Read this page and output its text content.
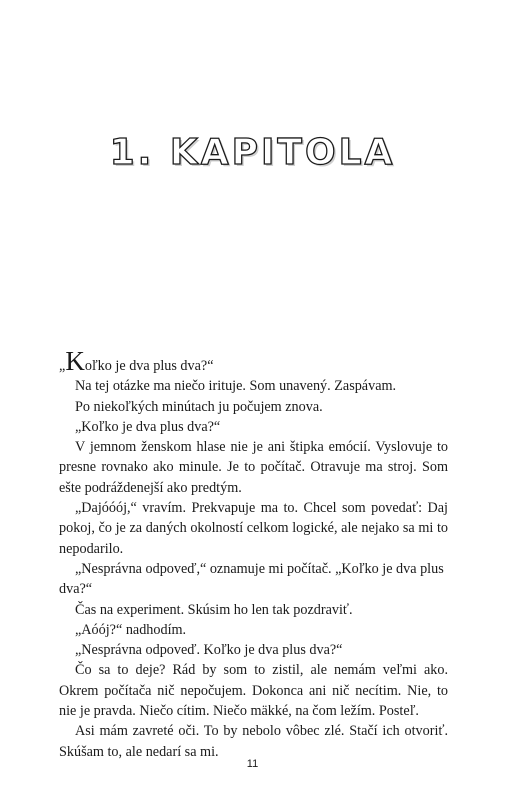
1. KAPITOLA

„Koľko je dva plus dva?“

Na tej otázke ma niečo irituje. Som unavený. Zaspávam.

Po niekoľkých minútach ju počujem znova.

„Koľko je dva plus dva?“

V jemnom ženskom hlase nie je ani štipka emócií. Vyslovuje to presne rovnako ako minule. Je to počítač. Otravuje ma stroj. Som ešte podráždenejší ako predtým.

„Dajóóój,“ vravím. Prekvapuje ma to. Chcel som povedať: Daj pokoj, čo je za daných okolností celkom logické, ale nejako sa mi to nepodarilo.

„Nesprávna odpoveď,“ oznamuje mi počítač. „Koľko je dva plus dva?“

Čas na experiment. Skúsim ho len tak pozdraviť.

„Aóój?“ nadhodím.

„Nesprávna odpoveď. Koľko je dva plus dva?“

Čo sa to deje? Rád by som to zistil, ale nemám veľmi ako. Okrem počítača nič nepočujem. Dokonca ani nič necítim. Nie, to nie je pravda. Niečo cítim. Niečo mäkké, na čom ležím. Posteľ.

Asi mám zavreté oči. To by nebolo vôbec zlé. Stačí ich otvoriť. Skúšam to, ale nedarí sa mi.

11
